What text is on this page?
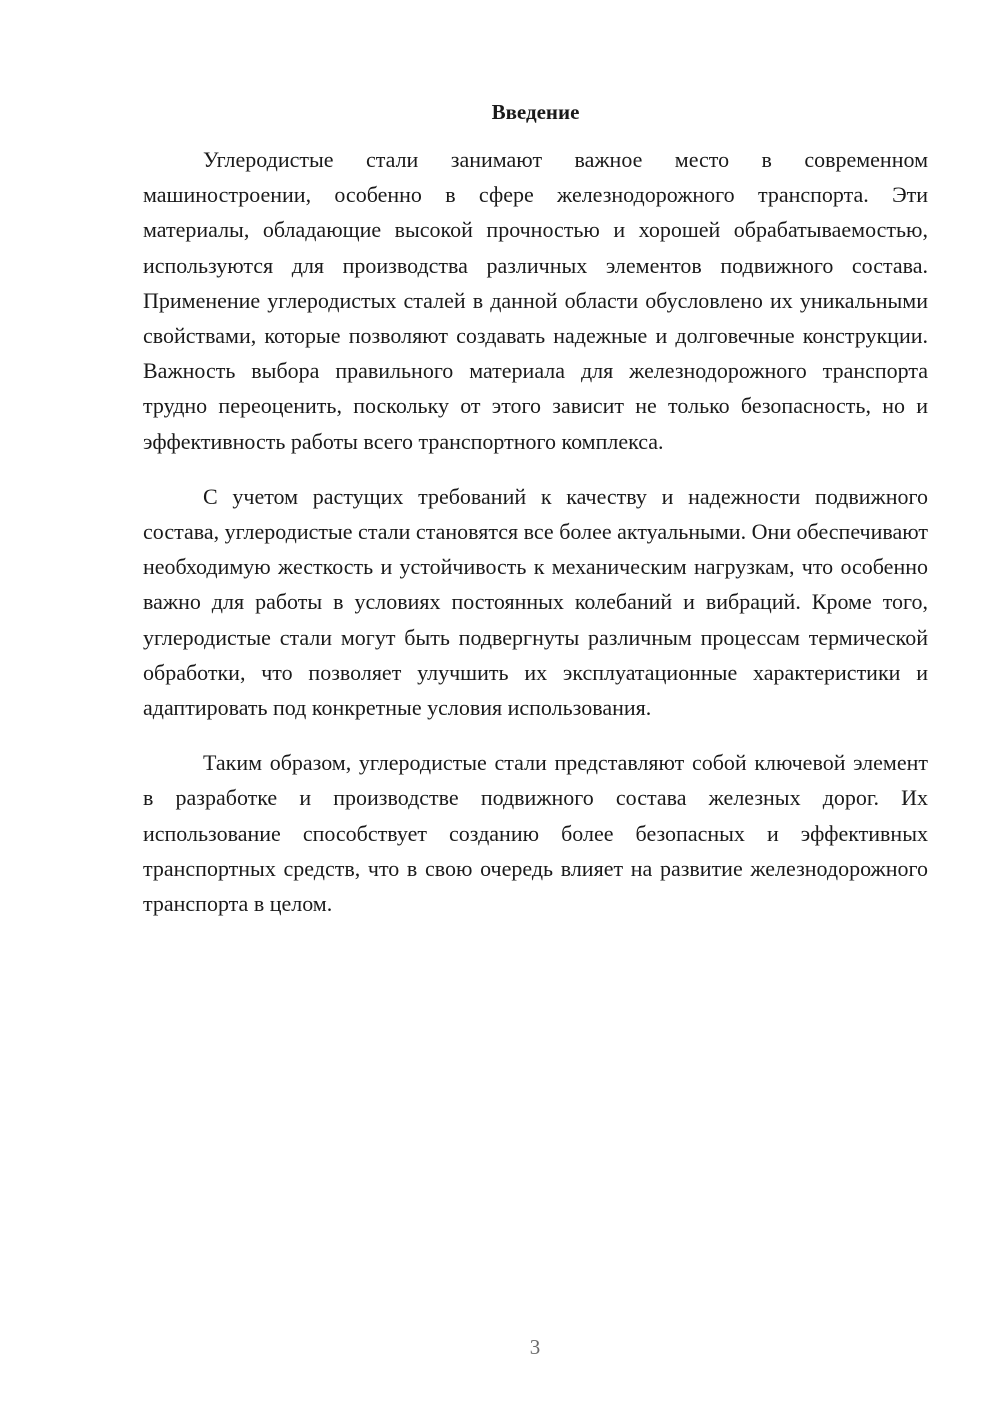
Введение

Углеродистые стали занимают важное место в современном машиностроении, особенно в сфере железнодорожного транспорта. Эти материалы, обладающие высокой прочностью и хорошей обрабатываемостью, используются для производства различных элементов подвижного состава. Применение углеродистых сталей в данной области обусловлено их уникальными свойствами, которые позволяют создавать надежные и долговечные конструкции. Важность выбора правильного материала для железнодорожного транспорта трудно переоценить, поскольку от этого зависит не только безопасность, но и эффективность работы всего транспортного комплекса.

С учетом растущих требований к качеству и надежности подвижного состава, углеродистые стали становятся все более актуальными. Они обеспечивают необходимую жесткость и устойчивость к механическим нагрузкам, что особенно важно для работы в условиях постоянных колебаний и вибраций. Кроме того, углеродистые стали могут быть подвергнуты различным процессам термической обработки, что позволяет улучшить их эксплуатационные характеристики и адаптировать под конкретные условия использования.

Таким образом, углеродистые стали представляют собой ключевой элемент в разработке и производстве подвижного состава железных дорог. Их использование способствует созданию более безопасных и эффективных транспортных средств, что в свою очередь влияет на развитие железнодорожного транспорта в целом.

3
